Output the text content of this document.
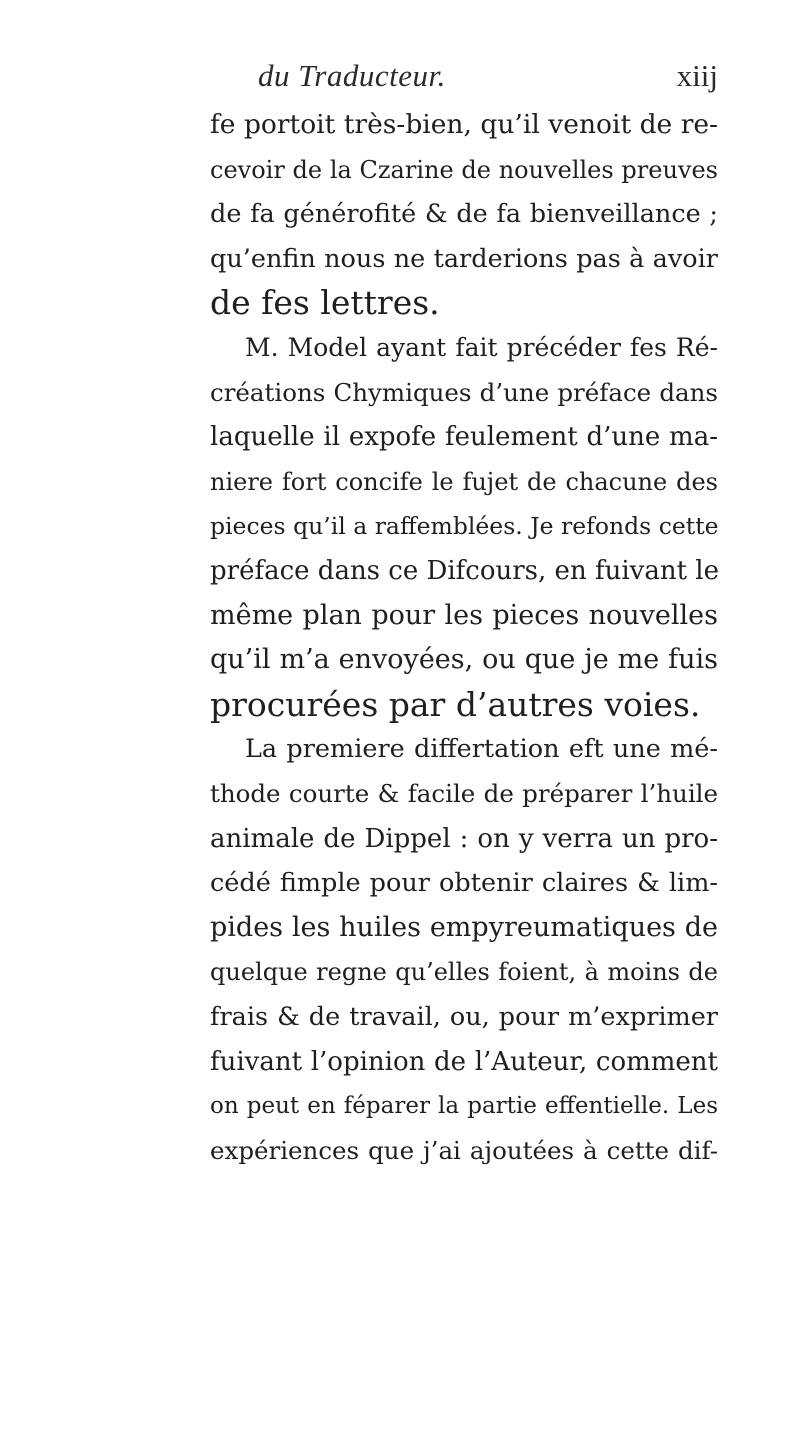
du Traducteur.	xiij
fe portoit très-bien, qu’il venoit de re-
cevoir de la Czarine de nouvelles preuves
de fa générofité & de fa bienveillance ;
qu’enfin nous ne tarderions pas à avoir
de fes lettres.
M. Model ayant fait précéder fes Ré-
créations Chymiques d’une préface dans
laquelle il expofe feulement d’une ma-
niere fort concife le fujet de chacune des
pieces qu’il a raffemblées. Je refonds cette
préface dans ce Difcours, en fuivant le
même plan pour les pieces nouvelles
qu’il m’a envoyées, ou que je me fuis
procurées par d’autres voies.
La premiere differtation eft une mé-
thode courte & facile de préparer l’huile
animale de Dippel : on y verra un pro-
cédé fimple pour obtenir claires & lim-
pides les huiles empyreumatiques de
quelque regne qu’elles foient, à moins de
frais & de travail, ou, pour m’exprimer
fuivant l’opinion de l’Auteur, comment
on peut en féparer la partie effentielle. Les
expériences que j’ai ajoutées à cette dif-
